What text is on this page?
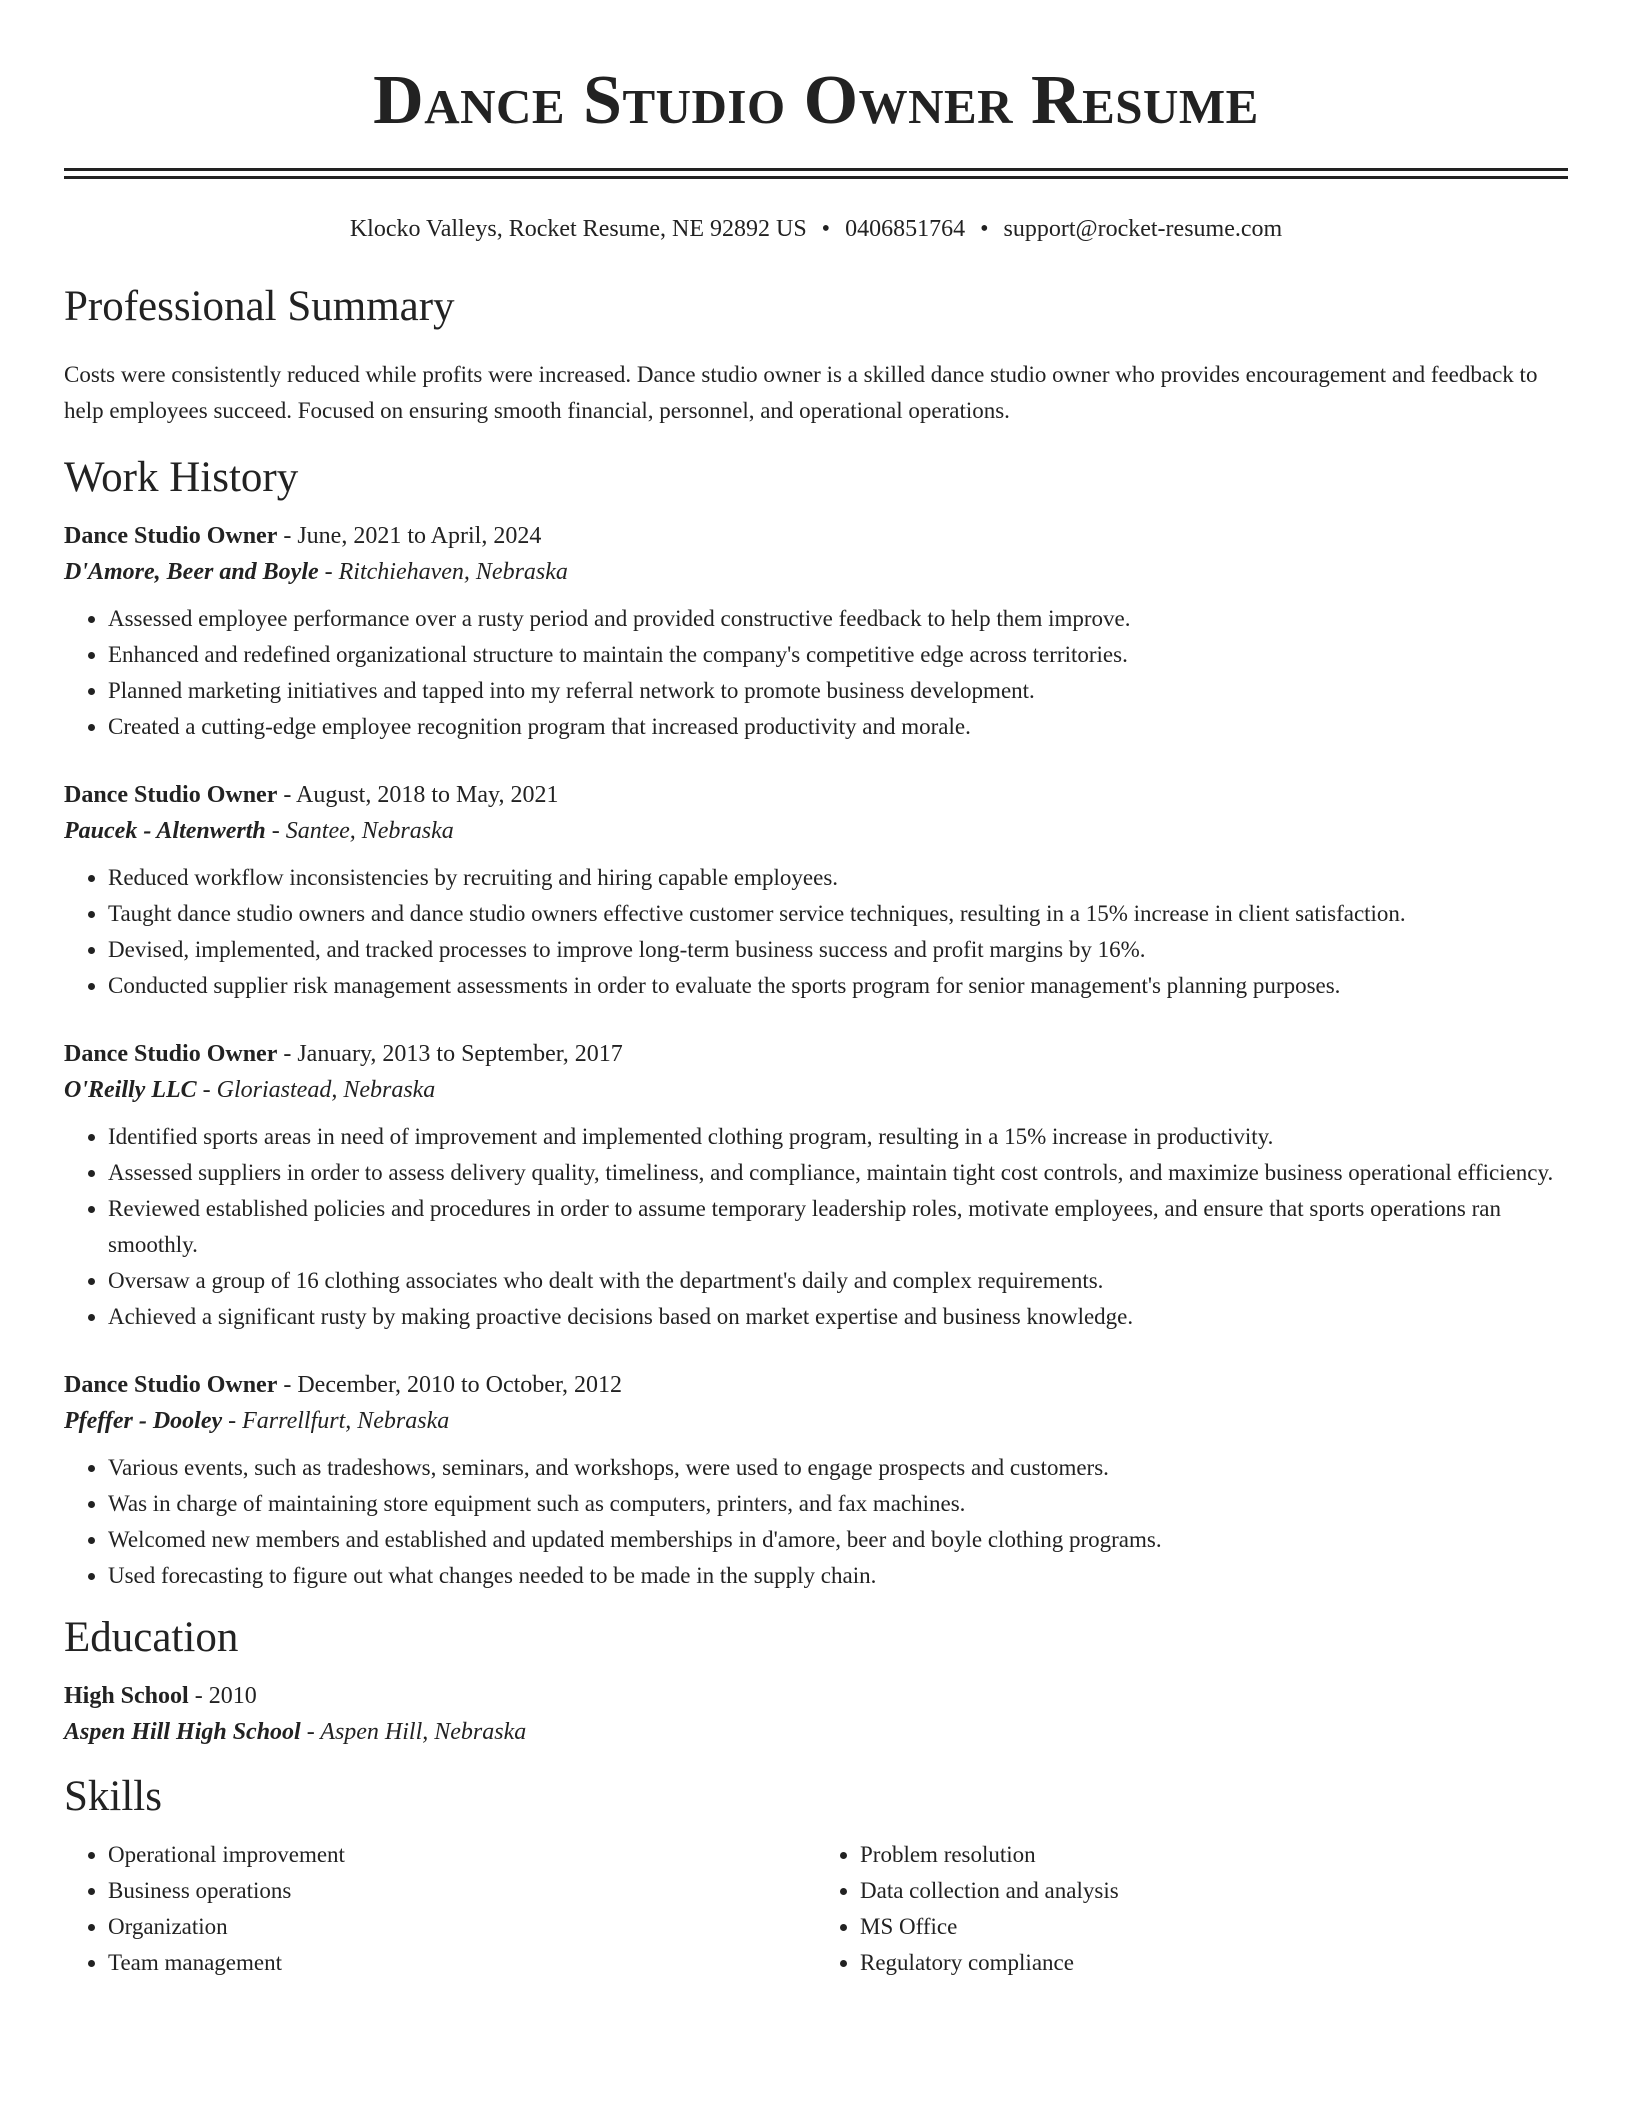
Dance Studio Owner Resume
Klocko Valleys, Rocket Resume, NE 92892 US • 0406851764 • support@rocket-resume.com
Professional Summary

Costs were consistently reduced while profits were increased. Dance studio owner is a skilled dance studio owner who provides encouragement and feedback to help employees succeed. Focused on ensuring smooth financial, personnel, and operational operations.

Work History
Dance Studio Owner - June, 2021 to April, 2024
D'Amore, Beer and Boyle - Ritchiehaven, Nebraska
• Assessed employee performance over a rusty period and provided constructive feedback to help them improve.
• Enhanced and redefined organizational structure to maintain the company's competitive edge across territories.
• Planned marketing initiatives and tapped into my referral network to promote business development.
• Created a cutting-edge employee recognition program that increased productivity and morale.
Dance Studio Owner - August, 2018 to May, 2021
Paucek - Altenwerth - Santee, Nebraska
• Reduced workflow inconsistencies by recruiting and hiring capable employees.
• Taught dance studio owners and dance studio owners effective customer service techniques, resulting in a 15% increase in client satisfaction.
• Devised, implemented, and tracked processes to improve long-term business success and profit margins by 16%.
• Conducted supplier risk management assessments in order to evaluate the sports program for senior management's planning purposes.
Dance Studio Owner - January, 2013 to September, 2017
O'Reilly LLC - Gloriastead, Nebraska
• Identified sports areas in need of improvement and implemented clothing program, resulting in a 15% increase in productivity.
• Assessed suppliers in order to assess delivery quality, timeliness, and compliance, maintain tight cost controls, and maximize business operational efficiency.
• Reviewed established policies and procedures in order to assume temporary leadership roles, motivate employees, and ensure that sports operations ran smoothly.
• Oversaw a group of 16 clothing associates who dealt with the department's daily and complex requirements.
• Achieved a significant rusty by making proactive decisions based on market expertise and business knowledge.
Dance Studio Owner - December, 2010 to October, 2012
Pfeffer - Dooley - Farrellfurt, Nebraska
• Various events, such as tradeshows, seminars, and workshops, were used to engage prospects and customers.
• Was in charge of maintaining store equipment such as computers, printers, and fax machines.
• Welcomed new members and established and updated memberships in d'amore, beer and boyle clothing programs.
• Used forecasting to figure out what changes needed to be made in the supply chain.
Education
High School - 2010
Aspen Hill High School - Aspen Hill, Nebraska
Skills
• Operational improvement
• Business operations
• Organization
• Team management
• Problem resolution
• Data collection and analysis
• MS Office
• Regulatory compliance
